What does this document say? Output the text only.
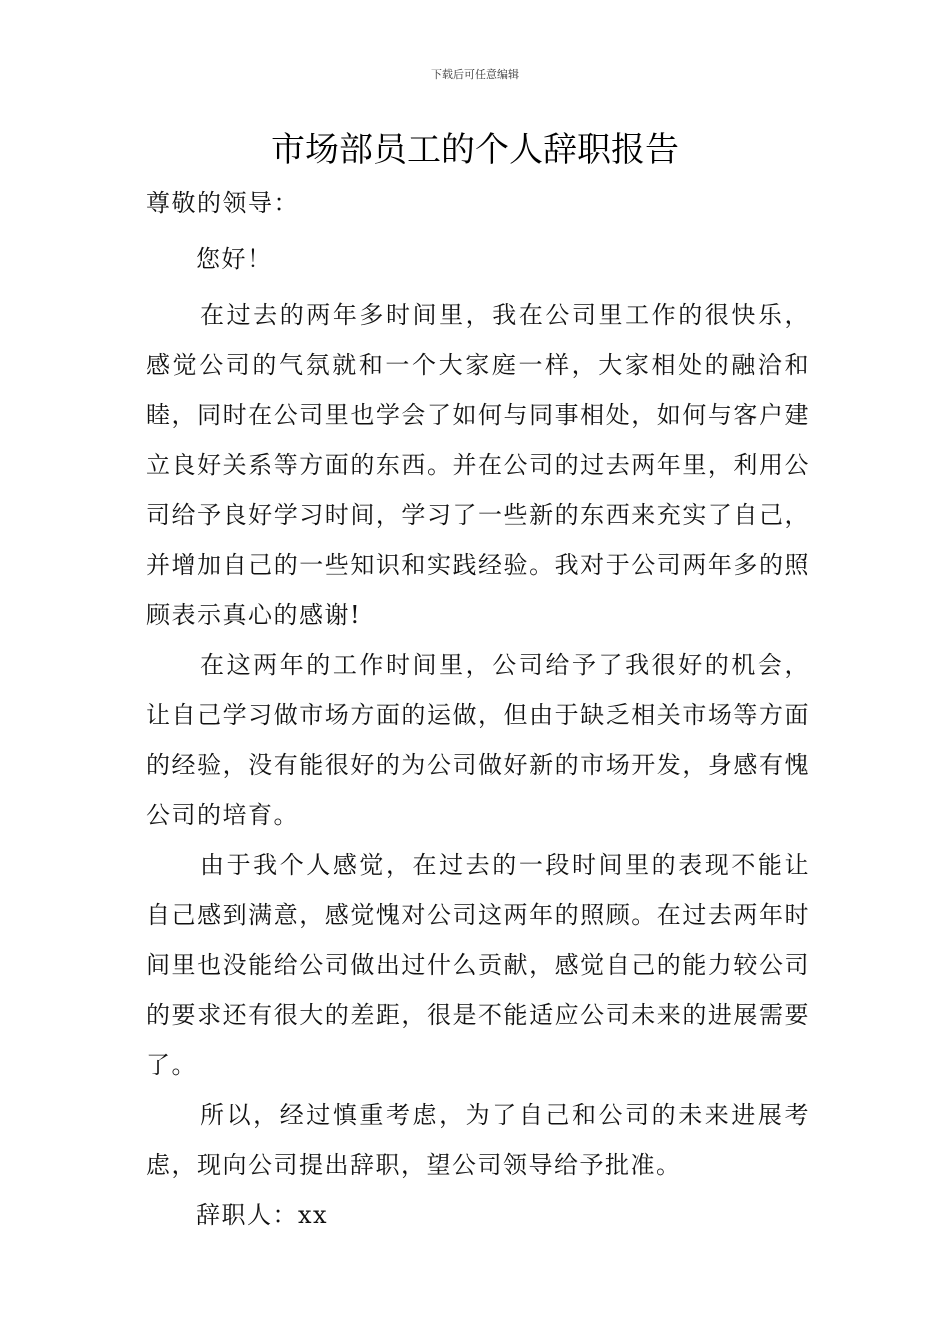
下载后可任意编辑
市场部员工的个人辞职报告

尊敬的领导：

您好！

在过去的两年多时间里，我在公司里工作的很快乐，感觉公司的气氛就和一个大家庭一样，大家相处的融洽和睦，同时在公司里也学会了如何与同事相处，如何与客户建立良好关系等方面的东西。并在公司的过去两年里，利用公司给予良好学习时间，学习了一些新的东西来充实了自己，并增加自己的一些知识和实践经验。我对于公司两年多的照顾表示真心的感谢!

在这两年的工作时间里，公司给予了我很好的机会，让自己学习做市场方面的运做，但由于缺乏相关市场等方面的经验，没有能很好的为公司做好新的市场开发，身感有愧公司的培育。

由于我个人感觉，在过去的一段时间里的表现不能让自己感到满意，感觉愧对公司这两年的照顾。在过去两年时间里也没能给公司做出过什么贡献，感觉自己的能力较公司的要求还有很大的差距，很是不能适应公司未来的进展需要了。

所以，经过慎重考虑，为了自己和公司的未来进展考虑，现向公司提出辞职，望公司领导给予批准。

辞职人：xx
